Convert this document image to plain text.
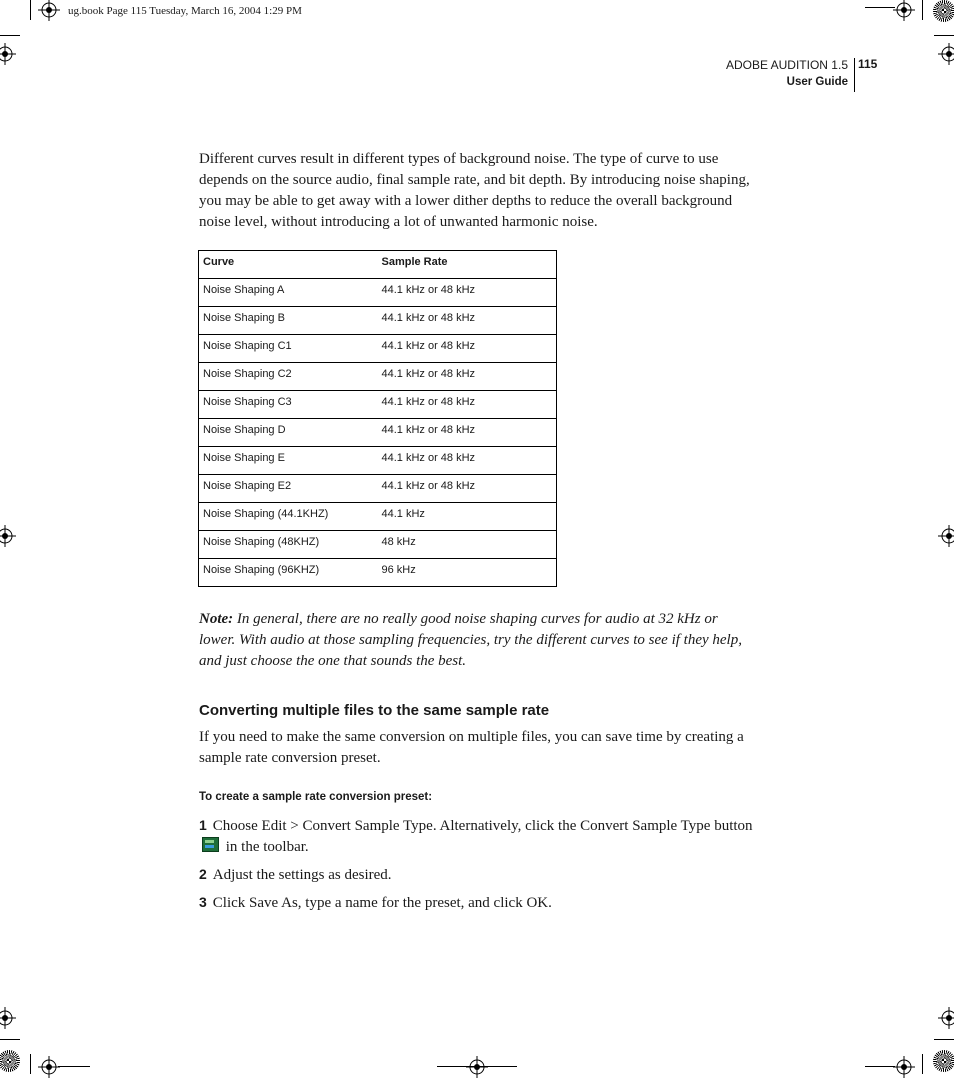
ug.book Page 115 Tuesday, March 16, 2004 1:29 PM
ADOBE AUDITION 1.5
User Guide
115

Different curves result in different types of background noise. The type of curve to use depends on the source audio, final sample rate, and bit depth. By introducing noise shaping, you may be able to get away with a lower dither depths to reduce the overall background noise level, without introducing a lot of unwanted harmonic noise.

Curve	Sample Rate
Noise Shaping A	44.1 kHz or 48 kHz
Noise Shaping B	44.1 kHz or 48 kHz
Noise Shaping C1	44.1 kHz or 48 kHz
Noise Shaping C2	44.1 kHz or 48 kHz
Noise Shaping C3	44.1 kHz or 48 kHz
Noise Shaping D	44.1 kHz or 48 kHz
Noise Shaping E	44.1 kHz or 48 kHz
Noise Shaping E2	44.1 kHz or 48 kHz
Noise Shaping (44.1KHZ)	44.1 kHz
Noise Shaping (48KHZ)	48 kHz
Noise Shaping (96KHZ)	96 kHz

Note: In general, there are no really good noise shaping curves for audio at 32 kHz or lower. With audio at those sampling frequencies, try the different curves to see if they help, and just choose the one that sounds the best.

Converting multiple files to the same sample rate

If you need to make the same conversion on multiple files, you can save time by creating a sample rate conversion preset.

To create a sample rate conversion preset:

1 Choose Edit > Convert Sample Type. Alternatively, click the Convert Sample Type button  in the toolbar.

2 Adjust the settings as desired.

3 Click Save As, type a name for the preset, and click OK.
